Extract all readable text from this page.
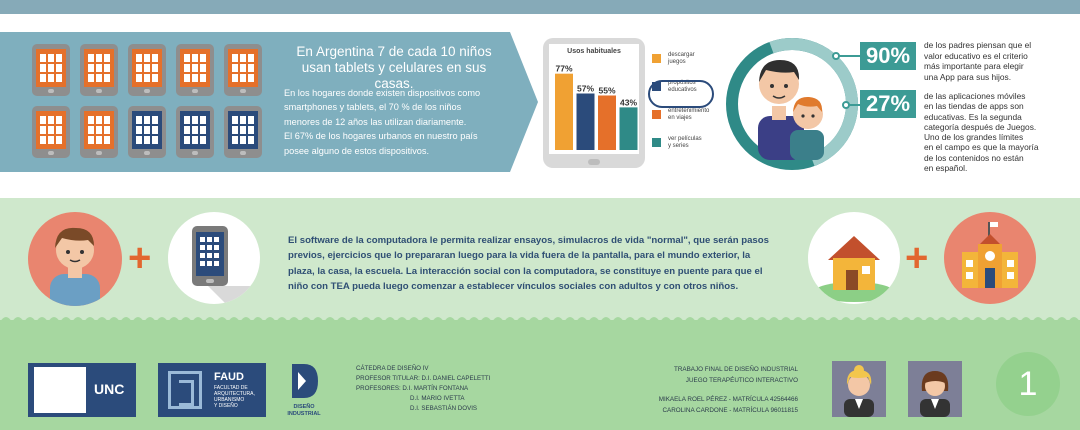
En Argentina 7 de cada 10 niños
usan tablets y celulares en sus casas.
En los hogares donde existen dispositivos como
smartphones y tablets, el 70 % de los niños
menores de 12 años las utilizan diariamente.
El 67% de los hogares urbanos en nuestro país
posee alguno de estos dispositivos.
Usos habituales
77%
57% 55%
43%
descargar
juegos
propósitos
educativos
entretenimiento
en viajes
ver películas
y series
90%	de los padres piensan que el
valor educativo es el criterio
más importante para elegir
una App para sus hijos.
27%	de las aplicaciones móviles
en las tiendas de apps son
educativas. Es la segunda
categoría después de Juegos.
Uno de los grandes límites
en el campo es que la mayoría
de los contenidos no están
en español.
+	El software de la computadora le permita realizar ensayos, simulacros de vida "normal", que serán pasos
previos, ejercicios que lo prepararan luego para la vida fuera de la pantalla, para el mundo exterior, la
plaza, la casa, la escuela. La interacción social con la computadora, se constituye en puente para que el
niño con TEA pueda luego comenzar a establecer vínculos sociales con adultos y con otros niños.
+
UNC
FAUD
FACULTAD DE
ARQUITECTURA,
URBANISMO
Y DISEÑO	DISEÑO
INDUSTRIAL
CÁTEDRA DE DISEÑO IV
PROFESOR TITULAR: D.I. DANIEL CAPELETTI
PROFESORES: D.I. MARTÍN FONTANA
D.I. MARIO IVETTA
D.I. SEBASTIÁN DOVIS
TRABAJO FINAL DE DISEÑO INDUSTRIAL
JUEGO TERAPÉUTICO INTERACTIVO
MIKAELA ROEL PÉREZ - MATRÍCULA 42564466
CAROLINA CARDONE - MATRÍCULA 96011815
1
